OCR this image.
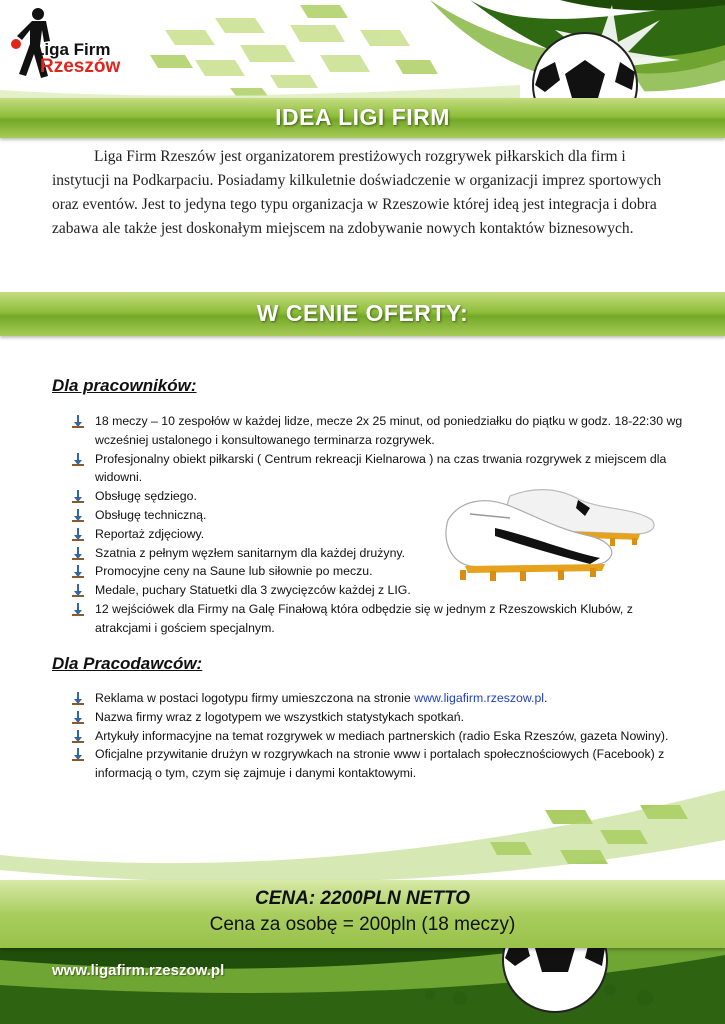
Liga Firm
Rzeszów
IDEA LIGI FIRM

Liga Firm Rzeszów jest organizatorem prestiżowych rozgrywek piłkarskich dla firm i instytucji na Podkarpaciu. Posiadamy kilkuletnie doświadczenie w organizacji imprez sportowych oraz eventów. Jest to jedyna tego typu organizacja w Rzeszowie której ideą jest integracja i dobra zabawa ale także jest doskonałym miejscem na zdobywanie nowych kontaktów biznesowych.

W CENIE OFERTY:
Dla pracowników:
18 meczy – 10 zespołów w każdej lidze, mecze 2x 25 minut, od poniedziałku do piątku w godz. 18-22:30 wg wcześniej ustalonego i konsultowanego terminarza rozgrywek.
Profesjonalny obiekt piłkarski ( Centrum rekreacji Kielnarowa ) na czas trwania rozgrywek z miejscem dla widowni.
Obsługę sędziego.
Obsługę techniczną.
Reportaż zdjęciowy.
Szatnia z pełnym węzłem sanitarnym dla każdej drużyny.
Promocyjne ceny na Saune lub siłownie po meczu.
Medale, puchary Statuetki dla 3 zwycięzców każdej z LIG.
12 wejściówek dla Firmy na Galę Finałową która odbędzie się w jednym z Rzeszowskich Klubów, z atrakcjami i gościem specjalnym.
Dla Pracodawców:
Reklama w postaci logotypu firmy umieszczona na stronie www.ligafirm.rzeszow.pl.
Nazwa firmy wraz z logotypem we wszystkich statystykach spotkań.
Artykuły informacyjne na temat rozgrywek w mediach partnerskich (radio Eska Rzeszów, gazeta Nowiny).
Oficjalne przywitanie drużyn w rozgrywkach na stronie www i portalach społecznościowych (Facebook) z informacją o tym, czym się zajmuje i danymi kontaktowymi.
CENA: 2200PLN NETTO
Cena za osobę = 200pln (18 meczy)
www.ligafirm.rzeszow.pl
